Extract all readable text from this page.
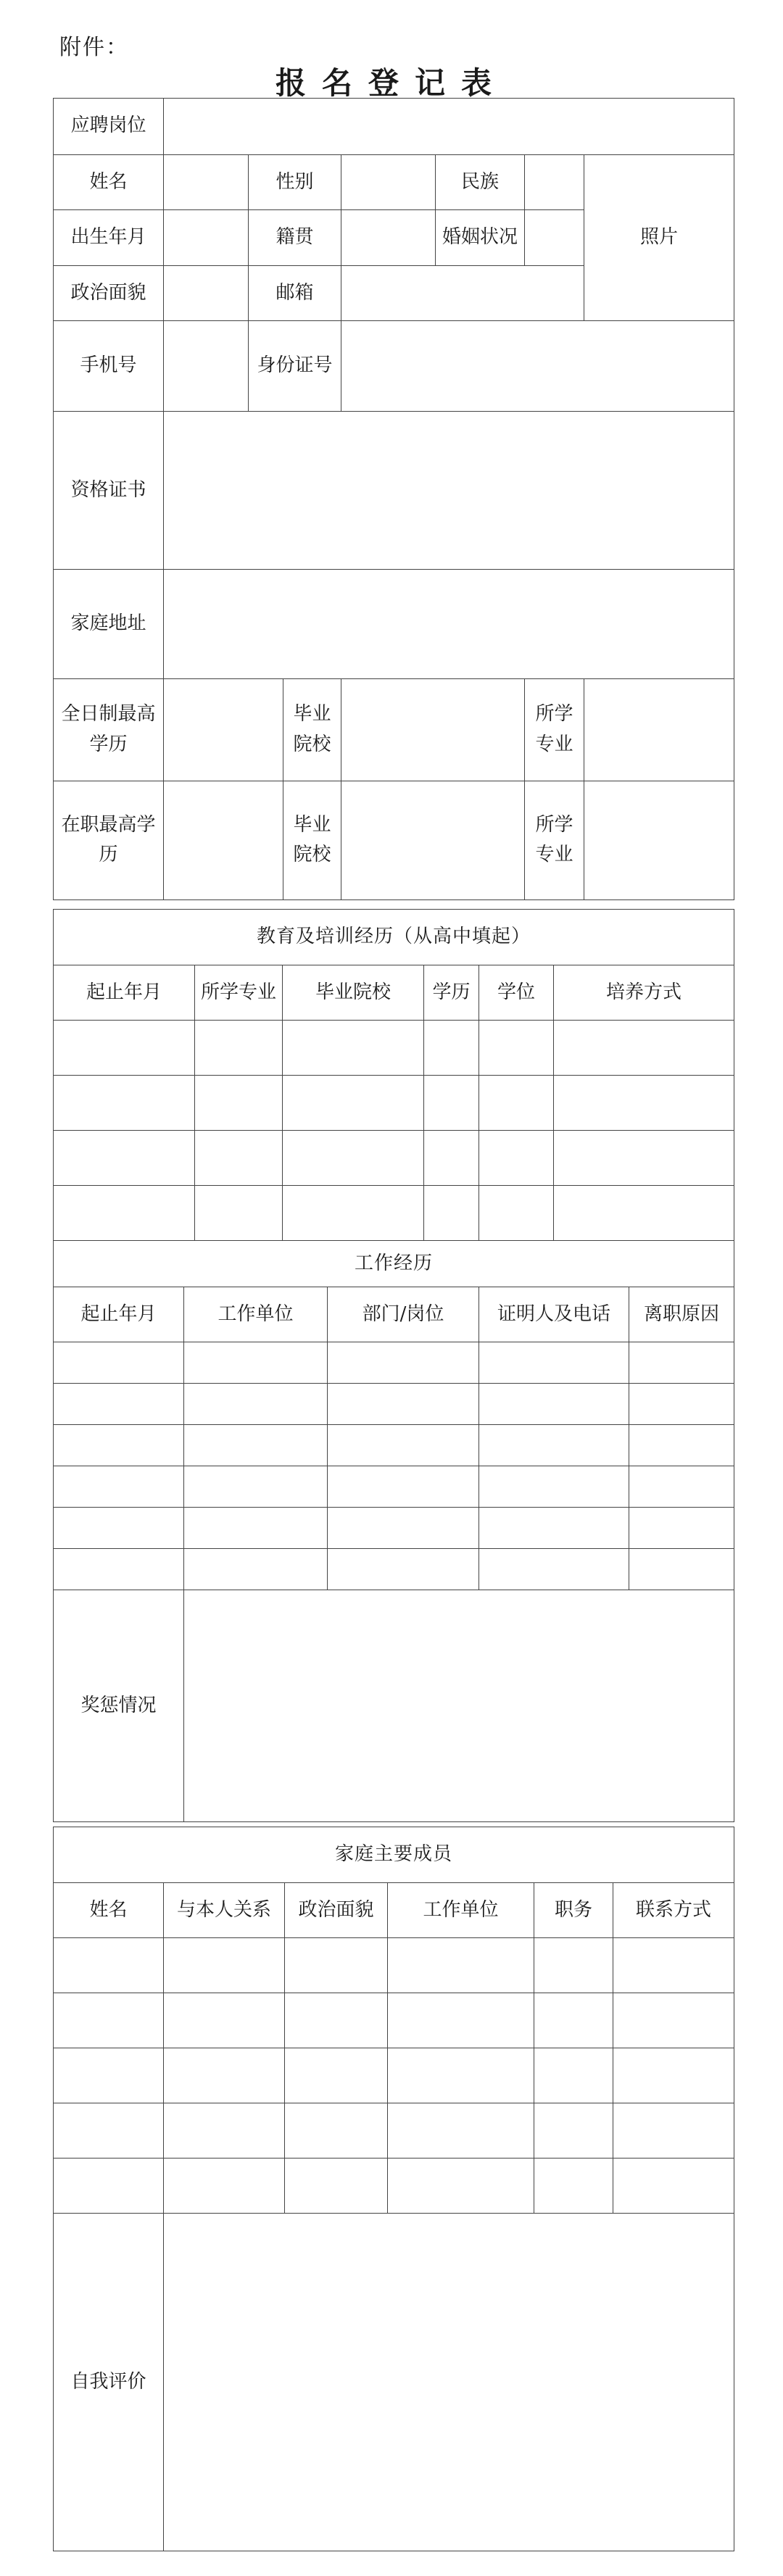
附件：
报名登记表
应聘岗位							
姓名		性别			民族		照片
出生年月		籍贯			婚姻状况		
政治面貌		邮箱					
手机号		身份证号					
资格证书							
家庭地址							
全日制最高学历			毕业院校			所学专业	
在职最高学历			毕业院校			所学专业	
教育及培训经历（从高中填起）								
起止年月		所学专业	毕业院校		学历	学位	培养方式	

工作经历								
起止年月	工作单位			部门/岗位		证明人及电话		离职原因

奖惩情况								
家庭主要成员					
姓名	与本人关系	政治面貌	工作单位	职务	联系方式

自我评价					
